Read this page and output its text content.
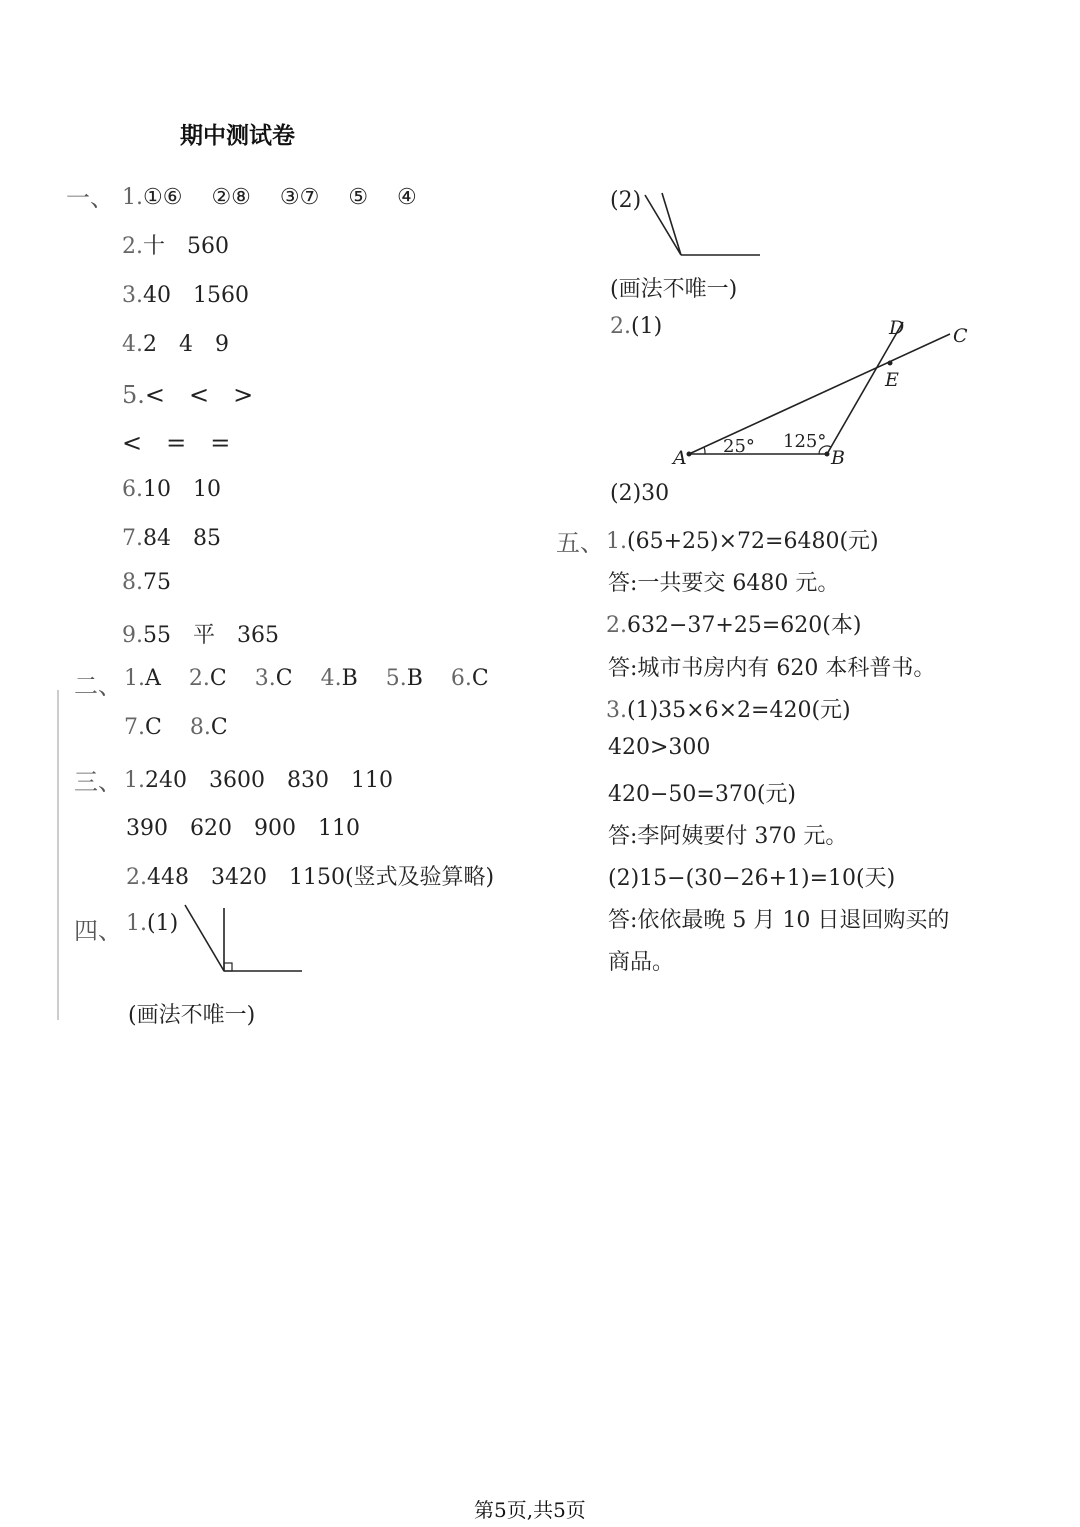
期中测试卷
一、 1.①⑥　 ②⑧　 ③⑦　 ⑤　 ④
2.十　560
3.40　1560
4.2　4　9
5.<　<　>
<　=　=
6.10　10
7.84　85
8.75
9.55　平　365
二、 1.A 2.C 3.C 4.B 5.B 6.C
7.C 8.C
三、 1.240　3600　830　110
390　620　900　110
2.448　3420　1150(竖式及验算略)
四、 1.(1)
(画法不唯一)
(2)
(画法不唯一)
2.(1)
A	B
C
D
E
25° 125°
(2)30
五、 1.(65+25)×72=6480(元)
答:一共要交 6480 元。
2.632−37+25=620(本)
答:城市书房内有 620 本科普书。
3.(1)35×6×2=420(元)
420>300
420−50=370(元)
答:李阿姨要付 370 元。
(2)15−(30−26+1)=10(天)
答:依依最晚 5 月 10 日退回购买的
商品。
第5页,共5页
